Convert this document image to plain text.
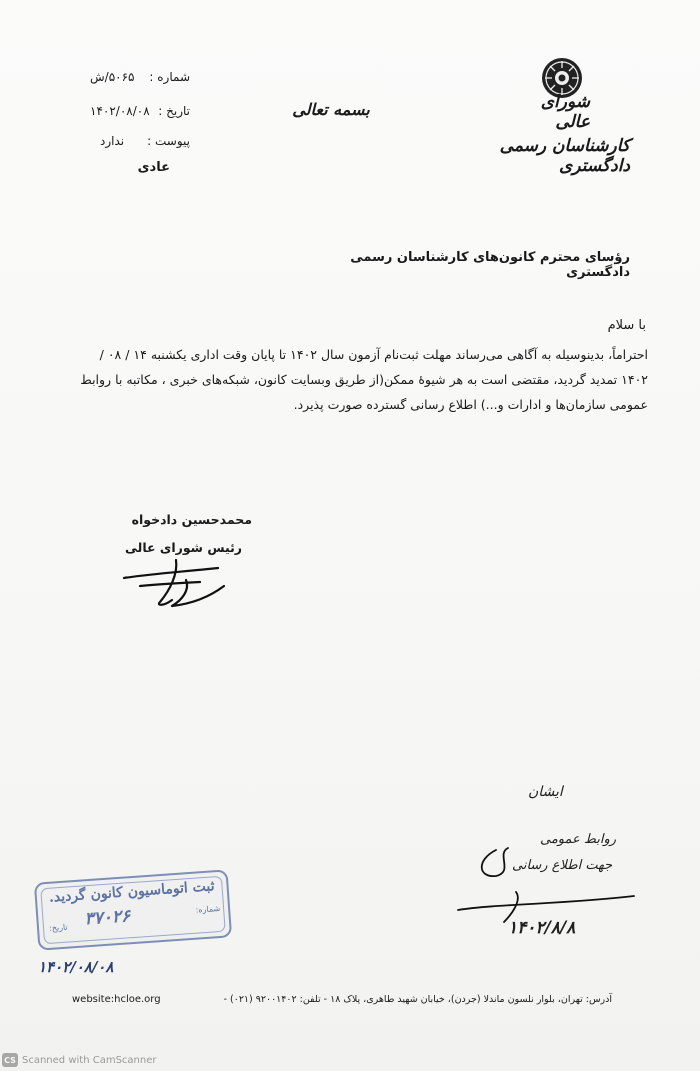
شورای عالی
کارشناسان رسمی دادگستری
بسمه تعالی
شماره :
۵۰۶۵/ش
تاریخ :
۱۴۰۲/۰۸/۰۸
پیوست :
ندارد
عادی
رؤسای محترم کانون‌های کارشناسان رسمی دادگستری
با سلام
احتراماً، بدینوسیله به آگاهی می‌رساند مهلت ثبت‌نام آزمون سال ۱۴۰۲ تا پایان وقت اداری یکشنبه ۱۴ / ۰۸ /
۱۴۰۲ تمدید گردید، مقتضی است به هر شیوهٔ ممکن(از طریق وبسایت کانون، شبکه‌های خبری ، مکاتبه با روابط
عمومی سازمان‌ها و ادارات و...) اطلاع رسانی گسترده صورت پذیرد.
محمدحسین دادخواه
رئیس شورای عالی
ایشان
روابط عمومی
جهت اطلاع رسانی
۱۴۰۲/۸/۸
ثبت اتوماسیون کانون گردید.
شماره:
۳۷۰۲۶
تاریخ:
۱۴۰۲/۰۸/۰۸
آدرس: تهران، بلوار نلسون ماندلا (جردن)، خیابان شهید طاهری، پلاک ۱۸ - تلفن: ۹۲۰۰۱۴۰۲ (۰۲۱) -
website:hcloe.org
CS Scanned with CamScanner
